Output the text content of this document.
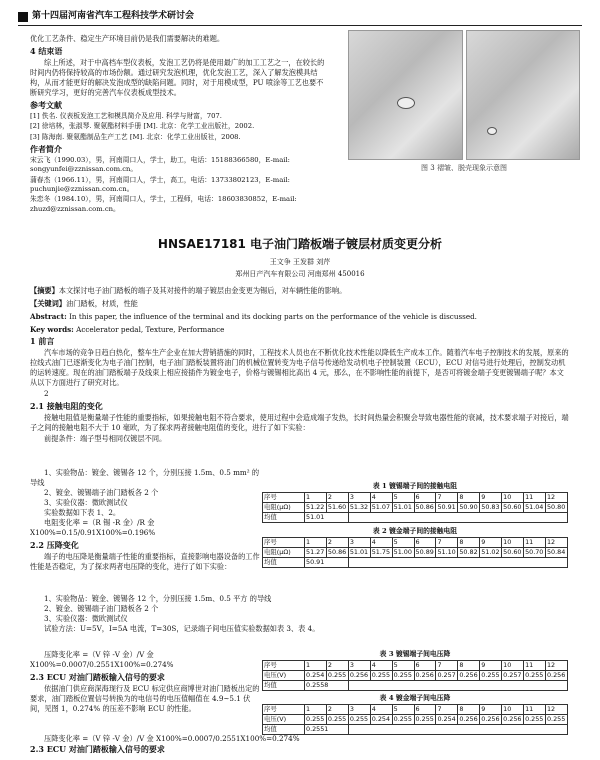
第十四届河南省汽车工程科技学术研讨会

优化工艺条件、稳定生产环境目前仍是我们需要解决的难题。

4 结束语

综上所述，对于中高档车型仪表板，发泡工艺仍将是使用最广的加工工艺之一，在较长的时间内仍将保持较高的市场份额。通过研究发泡机理，优化发泡工艺，深入了解发泡模具结构，从而才能更好的解决发泡成型的缺陷问题。同时，对于用模成型，PU 喷涂等工艺也要不断研究学习，更好的完善汽车仪表板成型技术。

参考文献

[1] 佚名. 仪表板发泡工艺和模具简介及应用. 科学与财富，707.

[2] 徐培林，张淑琴. 聚氨酯材料手册 [M]. 北京：化学工业出版社，2002.

[3] 陈海南. 聚氨酯制品生产工艺 [M]. 北京：化学工业出版社，2008.

作者简介

宋云飞（1990.03），男，河南周口人，学士，助工，电话：15188366580，E-mail: songyunfei@zznissan.com.cn。

蒲春杰（1966.11），男，河南周口人，学士，高工，电话：13733802123，E-mail: puchunjie@zznissan.com.cn。

朱恋冬（1984.10），男，河南周口人，学士，工程师，电话：18603830852，E-mail: zhuzd@zznissan.com.cn。

图 3 褶皱、脱壳现象示意图
HNSAE17181 电子油门踏板端子镀层材质变更分析
王文争 王发群 刘芹
郑州日产汽车有限公司 河南郑州 450016

【摘要】本文探讨电子油门踏板的端子及其对接件的端子镀层由金变更为锡后，对车辆性能的影响。

【关键词】油门踏板，材质，性能

Abstract: In this paper, the influence of the terminal and its docking parts on the performance of the vehicle is discussed.

Key words: Accelerator pedal, Texture, Performance

1 前言

汽车市场的竞争日趋白热化，整车生产企业在加大营销措施的同时，工程技术人员也在不断优化技术性能以降低生产成本工作。随着汽车电子控制技术的发展，原来的拉线式油门已逐渐变化为电子油门控制，电子油门踏板装置将油门的机械位置转变为电子信号传递给发动机电子控制装置（ECU），ECU 对信号进行处理后，控制发动机的运转速度。现在的油门踏板端子及线束上相应接插件为镀金电子，价格与镀锡相比高出 4 元，那么，在不影响性能的前提下，是否可将镀金端子变更镀锡端子呢？本文从以下方面进行了研究对比。

2

2.1 接触电阻的变化

接触电阻值是衡量端子性能的重要指标，如果接触电阻不符合要求，使用过程中会造成端子发热，长时间热量会积聚会导致电器性能的衰减，技术要求端子对接后，端子之间的接触电阻不大于 10 毫欧，为了探求两者接触电阻值的变化，进行了如下实验：

前提条件：端子型号相同仅镀层不同。

1、实验物品：镀金、镀锡各 12 个，分别压接 1.5m、0.5 mm² 的导线

2、镀金、镀锡端子油门踏板各 2 个

3、实验仪器：微欧测试仪

实验数据如下表 1、2。

电阻变化率 =（R 锡 -R 金）/R 金

X100%=0.15/0.91X100%=0.196%

2.2 压降变化

端子的电压降是衡量端子性能的重要指标，直接影响电器设备的工作性能是否稳定，为了探求两者电压降的变化，进行了如下实验：

表 1 镀锡端子间的接触电阻
序号	1	2	3	4	5	6	7	8	9	10	11	12
电阻(μΩ)	51.22	51.60	51.32	51.07	51.01	50.86	50.91	50.90	50.83	50.60	51.04	50.80
均值	51.01											
表 2 镀金端子间的接触电阻
序号	1	2	3	4	5	6	7	8	9	10	11	12
电阻(μΩ)	51.27	50.86	51.01	51.75	51.00	50.89	51.10	50.82	51.02	50.60	50.70	50.84
均值	50.91											

1、实验物品：镀金、镀锡各 12 个，分别压接 1.5m、0.5 平方 的导线

2、镀金、镀锡端子油门踏板各 2 个

3、实验仪器：微欧测试仪

试验方法：U=5V，I=5A 电流，T=30S，记录端子间电压值实验数据如表 3、表 4。

压降变化率 =（V 锌 -V 金）/V 金

X100%=0.0007/0.2551X100%=0.274%

2.3 ECU 对油门踏板输入信号的要求

依据油门供应商深海现行及 ECU 标定供应商博世对油门踏板出定的要求，油门踏板位置信号转换为的电信号的电压值幅值在 4.9~5.1 伏间，见图 1，0.274% 的压差不影响 ECU 的性能。

表 3 镀锡端子间电压降
序号	1	2	3	4	5	6	7	8	9	10	11	12
电压(V)	0.254	0.255	0.256	0.255	0.255	0.256	0.257	0.256	0.255	0.257	0.255	0.256
均值	0.2558											
表 4 镀金端子间电压降
序号	1	2	3	4	5	6	7	8	9	10	11	12
电压(V)	0.255	0.255	0.255	0.254	0.255	0.255	0.254	0.256	0.256	0.256	0.255	0.255
均值	0.2551											

压降变化率 =（V 锌 -V 金）/V 金 X100%=0.0007/0.2551X100%=0.274%

2.3 ECU 对油门踏板输入信号的要求
